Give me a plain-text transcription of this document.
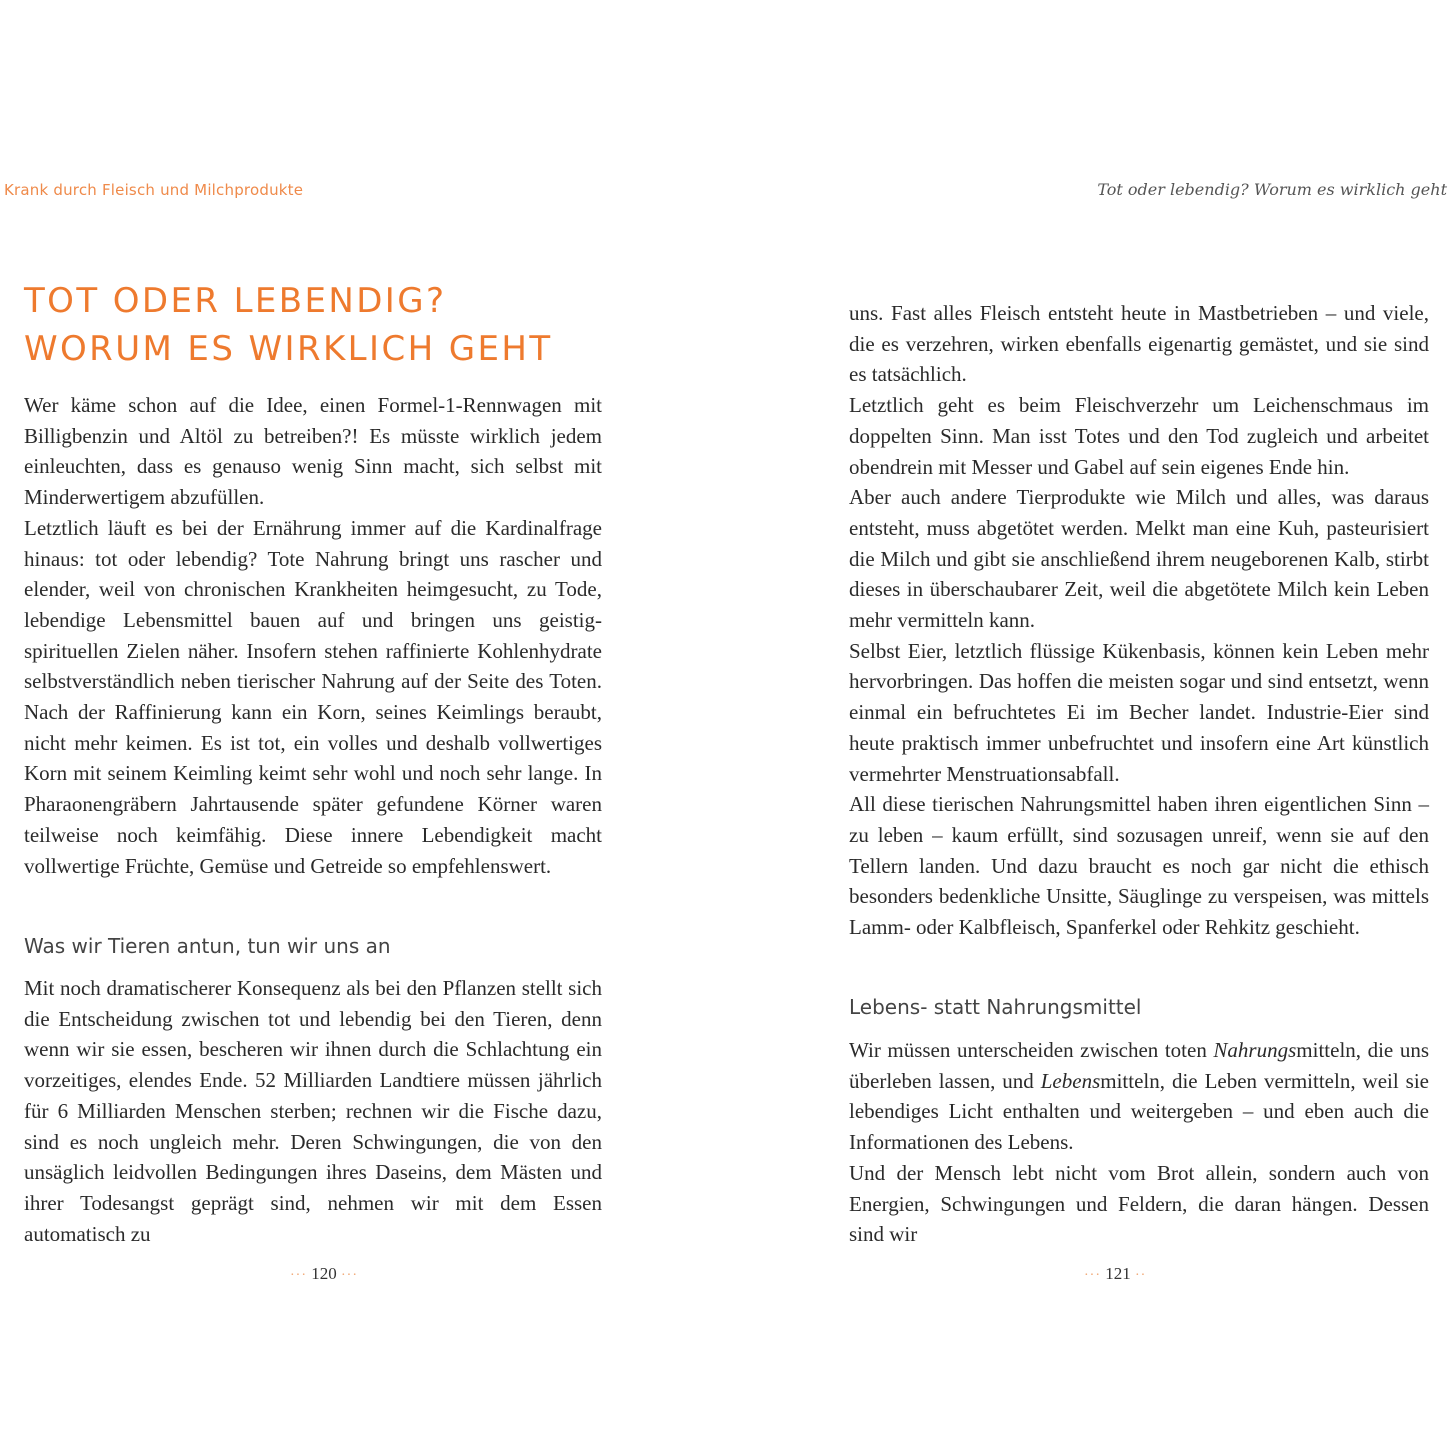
Krank durch Fleisch und Milchprodukte
TOT ODER LEBENDIG?
WORUM ES WIRKLICH GEHT

Wer käme schon auf die Idee, einen Formel-1-Rennwagen mit Billigbenzin und Altöl zu betreiben?! Es müsste wirklich jedem einleuchten, dass es genauso wenig Sinn macht, sich selbst mit Minderwertigem abzufüllen.

Letztlich läuft es bei der Ernährung immer auf die Kardinalfrage hinaus: tot oder lebendig? Tote Nahrung bringt uns rascher und elender, weil von chronischen Krankheiten heimgesucht, zu Tode, lebendige Lebensmittel bauen auf und bringen uns geistig-spirituellen Zielen näher. Insofern stehen raffinierte Kohlenhydrate selbstverständlich neben tierischer Nahrung auf der Seite des Toten. Nach der Raffinierung kann ein Korn, seines Keimlings beraubt, nicht mehr keimen. Es ist tot, ein volles und deshalb vollwertiges Korn mit seinem Keimling keimt sehr wohl und noch sehr lange. In Pharaonengräbern Jahrtausende später gefundene Körner waren teilweise noch keimfähig. Diese innere Lebendigkeit macht vollwertige Früchte, Gemüse und Getreide so empfehlenswert.

Was wir Tieren antun, tun wir uns an

Mit noch dramatischerer Konsequenz als bei den Pflanzen stellt sich die Entscheidung zwischen tot und lebendig bei den Tieren, denn wenn wir sie essen, bescheren wir ihnen durch die Schlachtung ein vorzeitiges, elendes Ende. 52 Milliarden Landtiere müssen jährlich für 6 Milliarden Menschen sterben; rechnen wir die Fische dazu, sind es noch ungleich mehr. Deren Schwingungen, die von den unsäglich leidvollen Bedingungen ihres Daseins, dem Mästen und ihrer Todesangst geprägt sind, nehmen wir mit dem Essen automatisch zu

··· 120 ···
Tot oder lebendig? Worum es wirklich geht
··· 121 ··

uns. Fast alles Fleisch entsteht heute in Mastbetrieben – und viele, die es verzehren, wirken ebenfalls eigenartig gemästet, und sie sind es tatsächlich.

Letztlich geht es beim Fleischverzehr um Leichenschmaus im doppelten Sinn. Man isst Totes und den Tod zugleich und arbeitet obendrein mit Messer und Gabel auf sein eigenes Ende hin.

Aber auch andere Tierprodukte wie Milch und alles, was daraus entsteht, muss abgetötet werden. Melkt man eine Kuh, pasteurisiert die Milch und gibt sie anschließend ihrem neugeborenen Kalb, stirbt dieses in überschaubarer Zeit, weil die abgetötete Milch kein Leben mehr vermitteln kann.

Selbst Eier, letztlich flüssige Kükenbasis, können kein Leben mehr hervorbringen. Das hoffen die meisten sogar und sind entsetzt, wenn einmal ein befruchtetes Ei im Becher landet. Industrie-Eier sind heute praktisch immer unbefruchtet und insofern eine Art künstlich vermehrter Menstruationsabfall.

All diese tierischen Nahrungsmittel haben ihren eigentlichen Sinn – zu leben – kaum erfüllt, sind sozusagen unreif, wenn sie auf den Tellern landen. Und dazu braucht es noch gar nicht die ethisch besonders bedenkliche Unsitte, Säuglinge zu verspeisen, was mittels Lamm- oder Kalbfleisch, Spanferkel oder Rehkitz geschieht.

Lebens- statt Nahrungsmittel

Wir müssen unterscheiden zwischen toten Nahrungsmitteln, die uns überleben lassen, und Lebensmitteln, die Leben vermitteln, weil sie lebendiges Licht enthalten und weitergeben – und eben auch die Informationen des Lebens.

Und der Mensch lebt nicht vom Brot allein, sondern auch von Energien, Schwingungen und Feldern, die daran hängen. Dessen sind wir
